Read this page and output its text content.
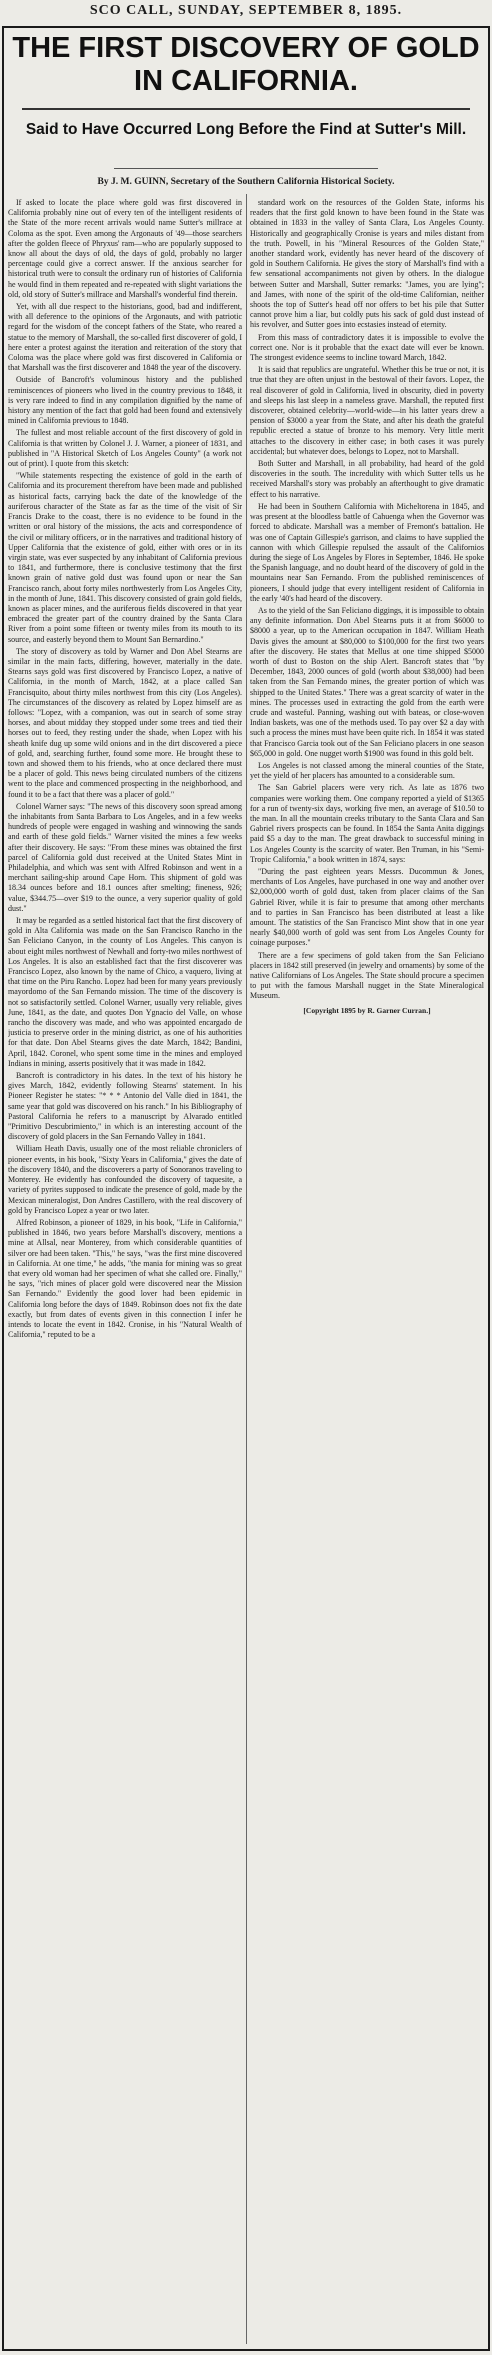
SCO CALL, SUNDAY, SEPTEMBER 8, 1895.
THE FIRST DISCOVERY OF GOLD IN CALIFORNIA.
Said to Have Occurred Long Before the Find at Sutter's Mill.
By J. M. GUINN, Secretary of the Southern California Historical Society.

If asked to locate the place where gold was first discovered in California probably nine out of every ten of the intelligent residents of the State of the more recent arrivals would name Sutter's millrace at Coloma as the spot. Even among the Argonauts of '49—those searchers after the golden fleece of Phryxus' ram—who are popularly supposed to know all about the days of old, the days of gold, probably no larger percentage could give a correct answer. If the anxious searcher for historical truth were to consult the ordinary run of histories of California he would find in them repeated and re-repeated with slight variations the old, old story of Sutter's millrace and Marshall's wonderful find therein.

Yet, with all due respect to the historians, good, bad and indifferent, with all deference to the opinions of the Argonauts, and with patriotic regard for the wisdom of the concept fathers of the State, who reared a statue to the memory of Marshall, the so-called first discoverer of gold, I here enter a protest against the iteration and reiteration of the story that Coloma was the place where gold was first discovered in California or that Marshall was the first discoverer and 1848 the year of the discovery.

Outside of Bancroft's voluminous history and the published reminiscences of pioneers who lived in the country previous to 1848, it is very rare indeed to find in any compilation dignified by the name of history any mention of the fact that gold had been found and extensively mined in California previous to 1848.

The fullest and most reliable account of the first discovery of gold in California is that written by Colonel J. J. Warner, a pioneer of 1831, and published in "A Historical Sketch of Los Angeles County" (a work not out of print). I quote from this sketch:

"While statements respecting the existence of gold in the earth of California and its procurement therefrom have been made and published as historical facts, carrying back the date of the knowledge of the auriferous character of the State as far as the time of the visit of Sir Francis Drake to the coast, there is no evidence to be found in the written or oral history of the missions, the acts and correspondence of the civil or military officers, or in the narratives and traditional history of Upper California that the existence of gold, either with ores or in its virgin state, was ever suspected by any inhabitant of California previous to 1841, and furthermore, there is conclusive testimony that the first known grain of native gold dust was found upon or near the San Francisco ranch, about forty miles northwesterly from Los Angeles City, in the month of June, 1841. This discovery consisted of grain gold fields, known as placer mines, and the auriferous fields discovered in that year embraced the greater part of the country drained by the Santa Clara River from a point some fifteen or twenty miles from its mouth to its source, and easterly beyond them to Mount San Bernardino."

The story of discovery as told by Warner and Don Abel Stearns are similar in the main facts, differing, however, materially in the date. Stearns says gold was first discovered by Francisco Lopez, a native of California, in the month of March, 1842, at a place called San Francisquito, about thirty miles northwest from this city (Los Angeles). The circumstances of the discovery as related by Lopez himself are as follows: "Lopez, with a companion, was out in search of some stray horses, and about midday they stopped under some trees and tied their horses out to feed, they resting under the shade, when Lopez with his sheath knife dug up some wild onions and in the dirt discovered a piece of gold, and, searching further, found some more. He brought these to town and showed them to his friends, who at once declared there must be a placer of gold. This news being circulated numbers of the citizens went to the place and commenced prospecting in the neighborhood, and found it to be a fact that there was a placer of gold."

Colonel Warner says: "The news of this discovery soon spread among the inhabitants from Santa Barbara to Los Angeles, and in a few weeks hundreds of people were engaged in washing and winnowing the sands and earth of these gold fields." Warner visited the mines a few weeks after their discovery. He says: "From these mines was obtained the first parcel of California gold dust received at the United States Mint in Philadelphia, and which was sent with Alfred Robinson and went in a merchant sailing-ship around Cape Horn. This shipment of gold was 18.34 ounces before and 18.1 ounces after smelting; fineness, 926; value, $344.75—over $19 to the ounce, a very superior quality of gold dust."

It may be regarded as a settled historical fact that the first discovery of gold in Alta California was made on the San Francisco Rancho in the San Feliciano Canyon, in the county of Los Angeles. This canyon is about eight miles northwest of Newhall and forty-two miles northwest of Los Angeles. It is also an established fact that the first discoverer was Francisco Lopez, also known by the name of Chico, a vaquero, living at that time on the Piru Rancho. Lopez had been for many years previously mayordomo of the San Fernando mission. The time of the discovery is not so satisfactorily settled. Colonel Warner, usually very reliable, gives June, 1841, as the date, and quotes Don Ygnacio del Valle, on whose rancho the discovery was made, and who was appointed encargado de justicia to preserve order in the mining district, as one of his authorities for that date. Don Abel Stearns gives the date March, 1842; Bandini, April, 1842. Coronel, who spent some time in the mines and employed Indians in mining, asserts positively that it was made in 1842.

Bancroft is contradictory in his dates. In the text of his history he gives March, 1842, evidently following Stearns' statement. In his Pioneer Register he states: "* * * Antonio del Valle died in 1841, the same year that gold was discovered on his ranch." In his Bibliography of Pastoral California he refers to a manuscript by Alvarado entitled "Primitivo Descubrimiento," in which is an interesting account of the discovery of gold placers in the San Fernando Valley in 1841.

William Heath Davis, usually one of the most reliable chroniclers of pioneer events, in his book, "Sixty Years in California," gives the date of the discovery 1840, and the discoverers a party of Sonoranos traveling to Monterey. He evidently has confounded the discovery of taquesite, a variety of pyrites supposed to indicate the presence of gold, made by the Mexican mineralogist, Don Andres Castillero, with the real discovery of gold by Francisco Lopez a year or two later.

Alfred Robinson, a pioneer of 1829, in his book, "Life in California," published in 1846, two years before Marshall's discovery, mentions a mine at Allsal, near Monterey, from which considerable quantities of silver ore had been taken. "This," he says, "was the first mine discovered in California. At one time," he adds, "the mania for mining was so great that every old woman had her specimen of what she called ore. Finally," he says, "rich mines of placer gold were discovered near the Mission San Fernando." Evidently the good lover had been epidemic in California long before the days of 1849. Robinson does not fix the date exactly, but from dates of events given in this connection I infer he intends to locate the event in 1842. Cronise, in his "Natural Wealth of California," reputed to be a

standard work on the resources of the Golden State, informs his readers that the first gold known to have been found in the State was obtained in 1833 in the valley of Santa Clara, Los Angeles County. Historically and geographically Cronise is years and miles distant from the truth. Powell, in his "Mineral Resources of the Golden State," another standard work, evidently has never heard of the discovery of gold in Southern California. He gives the story of Marshall's find with a few sensational accompaniments not given by others. In the dialogue between Sutter and Marshall, Sutter remarks: "James, you are lying"; and James, with none of the spirit of the old-time Californian, neither shoots the top of Sutter's head off nor offers to bet his pile that Sutter cannot prove him a liar, but coldly puts his sack of gold dust instead of his revolver, and Sutter goes into ecstasies instead of eternity.

From this mass of contradictory dates it is impossible to evolve the correct one. Nor is it probable that the exact date will ever be known. The strongest evidence seems to incline toward March, 1842.

It is said that republics are ungrateful. Whether this be true or not, it is true that they are often unjust in the bestowal of their favors. Lopez, the real discoverer of gold in California, lived in obscurity, died in poverty and sleeps his last sleep in a nameless grave. Marshall, the reputed first discoverer, obtained celebrity—world-wide—in his latter years drew a pension of $3000 a year from the State, and after his death the grateful republic erected a statue of bronze to his memory. Very little merit attaches to the discovery in either case; in both cases it was purely accidental; but whatever does, belongs to Lopez, not to Marshall.

Both Sutter and Marshall, in all probability, had heard of the gold discoveries in the south. The incredulity with which Sutter tells us he received Marshall's story was probably an afterthought to give dramatic effect to his narrative.

He had been in Southern California with Micheltorena in 1845, and was present at the bloodless battle of Cahuenga when the Governor was forced to abdicate. Marshall was a member of Fremont's battalion. He was one of Captain Gillespie's garrison, and claims to have supplied the cannon with which Gillespie repulsed the assault of the Californios during the siege of Los Angeles by Flores in September, 1846. He spoke the Spanish language, and no doubt heard of the discovery of gold in the mountains near San Fernando. From the published reminiscences of pioneers, I should judge that every intelligent resident of California in the early '40's had heard of the discovery.

As to the yield of the San Feliciano diggings, it is impossible to obtain any definite information. Don Abel Stearns puts it at from $6000 to $8000 a year, up to the American occupation in 1847. William Heath Davis gives the amount at $80,000 to $100,000 for the first two years after the discovery. He states that Mellus at one time shipped $5000 worth of dust to Boston on the ship Alert. Bancroft states that "by December, 1843, 2000 ounces of gold (worth about $38,000) had been taken from the San Fernando mines, the greater portion of which was shipped to the United States." There was a great scarcity of water in the mines. The processes used in extracting the gold from the earth were crude and wasteful. Panning, washing out with bateas, or close-woven Indian baskets, was one of the methods used. To pay over $2 a day with such a process the mines must have been quite rich. In 1854 it was stated that Francisco Garcia took out of the San Feliciano placers in one season $65,000 in gold. One nugget worth $1900 was found in this gold belt.

Los Angeles is not classed among the mineral counties of the State, yet the yield of her placers has amounted to a considerable sum.

The San Gabriel placers were very rich. As late as 1876 two companies were working them. One company reported a yield of $1365 for a run of twenty-six days, working five men, an average of $10.50 to the man. In all the mountain creeks tributary to the Santa Clara and San Gabriel rivers prospects can be found. In 1854 the Santa Anita diggings paid $5 a day to the man. The great drawback to successful mining in Los Angeles County is the scarcity of water. Ben Truman, in his "Semi-Tropic California," a book written in 1874, says:

"During the past eighteen years Messrs. Ducommun & Jones, merchants of Los Angeles, have purchased in one way and another over $2,000,000 worth of gold dust, taken from placer claims of the San Gabriel River, while it is fair to presume that among other merchants and to parties in San Francisco has been distributed at least a like amount. The statistics of the San Francisco Mint show that in one year nearly $40,000 worth of gold was sent from Los Angeles County for coinage purposes."

There are a few specimens of gold taken from the San Feliciano placers in 1842 still preserved (in jewelry and ornaments) by some of the native Californians of Los Angeles. The State should procure a specimen to put with the famous Marshall nugget in the State Mineralogical Museum.

[Copyright 1895 by R. Garner Curran.]
